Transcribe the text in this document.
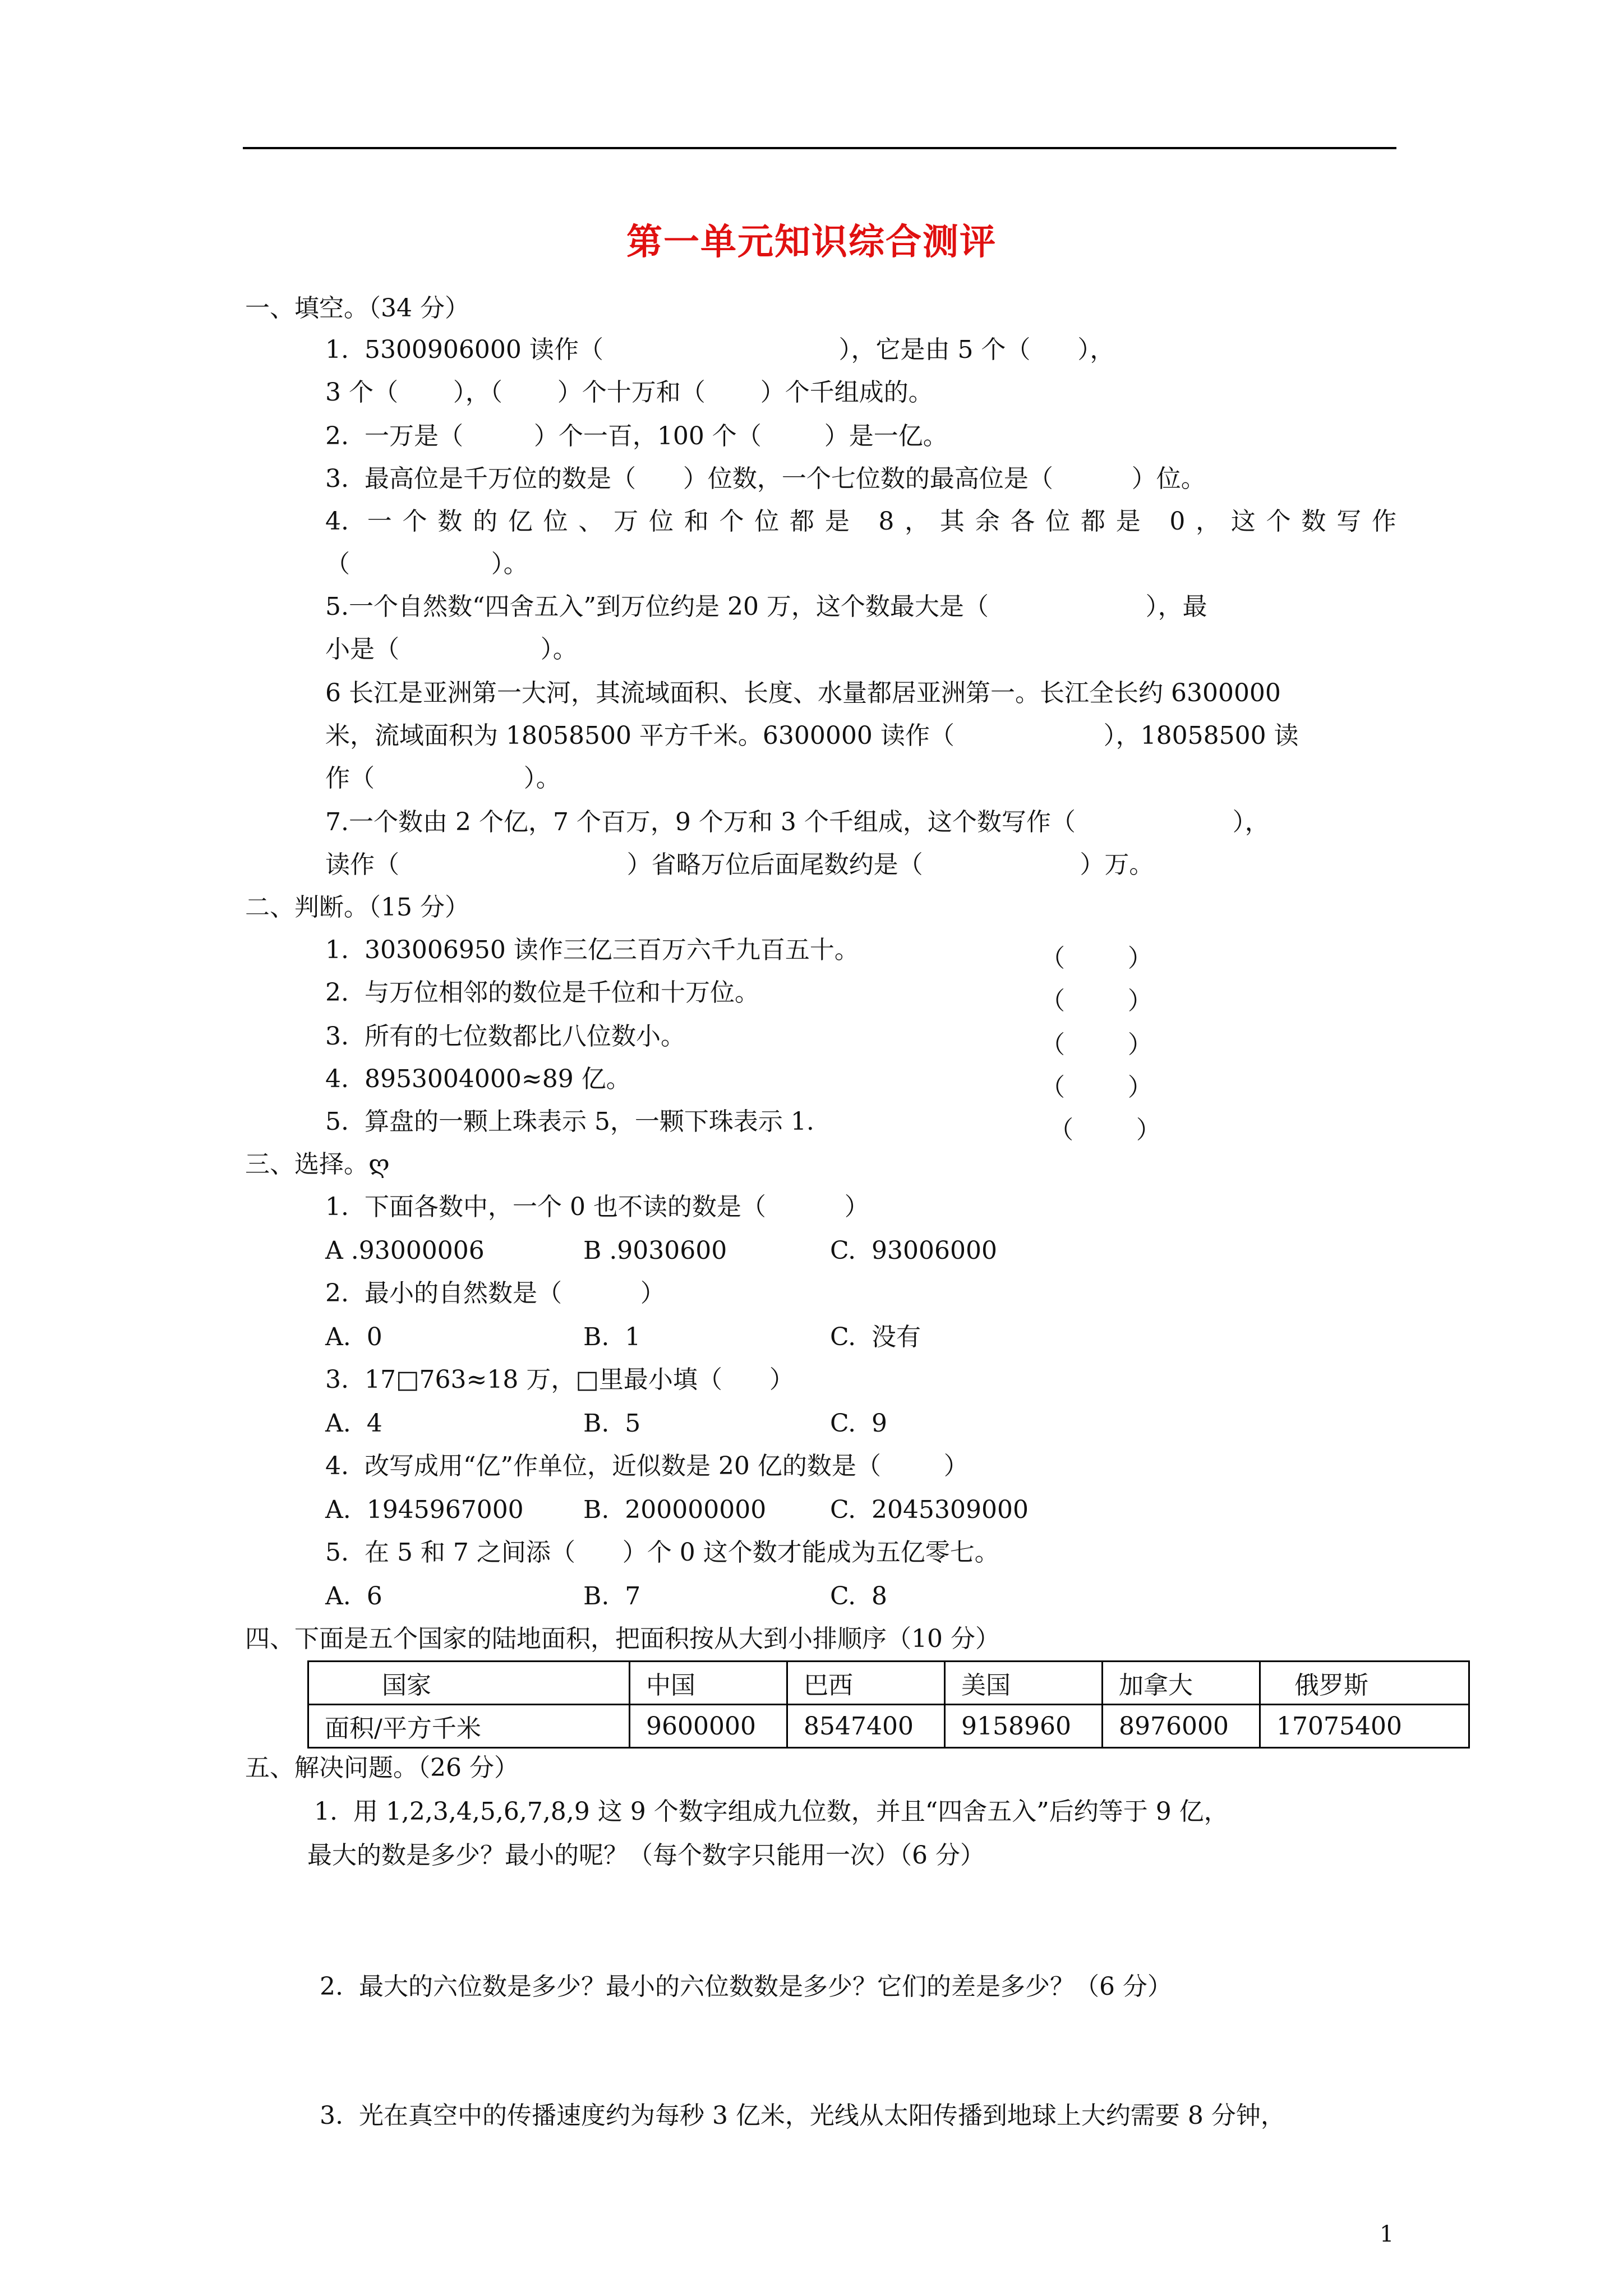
第一单元知识综合测评
一、填空。（34 分）
1.  5300906000 读作（                              ），它是由 5 个（      ），
3 个（       ），（       ）个十万和（       ）个千组成的。
2.  一万是（         ）个一百，100 个（        ）是一亿。
3.  最高位是千万位的数是（      ）位数，一个七位数的最高位是（          ）位。
4. 一个数的亿位、万位和个位都是 8，其余各位都是 0，这个数写作
（                  ）。
5.一个自然数“四舍五入”到万位约是 20 万，这个数最大是（                    ），最
小是（                  ）。
6 长江是亚洲第一大河，其流域面积、长度、水量都居亚洲第一。长江全长约 6300000
米，流域面积为 18058500 平方千米。6300000 读作（                   ），18058500 读
作（                   ）。
7.一个数由 2 个亿，7 个百万，9 个万和 3 个千组成，这个数写作（                    ），
读作（                             ）省略万位后面尾数约是（                    ）万。
二、判断。（15 分）
1.  303006950 读作三亿三百万六千九百五十。	（        ）
2.  与万位相邻的数位是千位和十万位。	（        ）
3.  所有的七位数都比八位数小。	（        ）
4.  8953004000≈89 亿。	（        ）
5.  算盘的一颗上珠表示 5，一颗下珠表示 1.	（        ）
三、选择。ღ
1.  下面各数中，一个 0 也不读的数是（          ）
A .93000006	B .9030600	C.  93006000
2.  最小的自然数是（          ）
A.  0	B.  1	C.  没有
3.  17□763≈18 万，□里最小填（      ）
A.  4	B.  5	C.  9
4.  改写成用“亿”作单位，近似数是 20 亿的数是（        ）
A.  1945967000 B.  200000000	C.  2045309000
5.  在 5 和 7 之间添（      ）个 0 这个数才能成为五亿零七。
A.  6	B.  7	C.  8
四、下面是五个国家的陆地面积，把面积按从大到小排顺序（10 分）
国家	中国	巴西	美国	加拿大	俄罗斯
面积/平方千米	9600000	8547400	9158960	8976000	17075400
五、解决问题。（26 分）
1.  用 1,2,3,4,5,6,7,8,9 这 9 个数字组成九位数，并且“四舍五入”后约等于 9 亿，
最大的数是多少？最小的呢？（每个数字只能用一次）（6 分）
2.  最大的六位数是多少？最小的六位数数是多少？它们的差是多少？（6 分）
3.  光在真空中的传播速度约为每秒 3 亿米，光线从太阳传播到地球上大约需要 8 分钟，
1
